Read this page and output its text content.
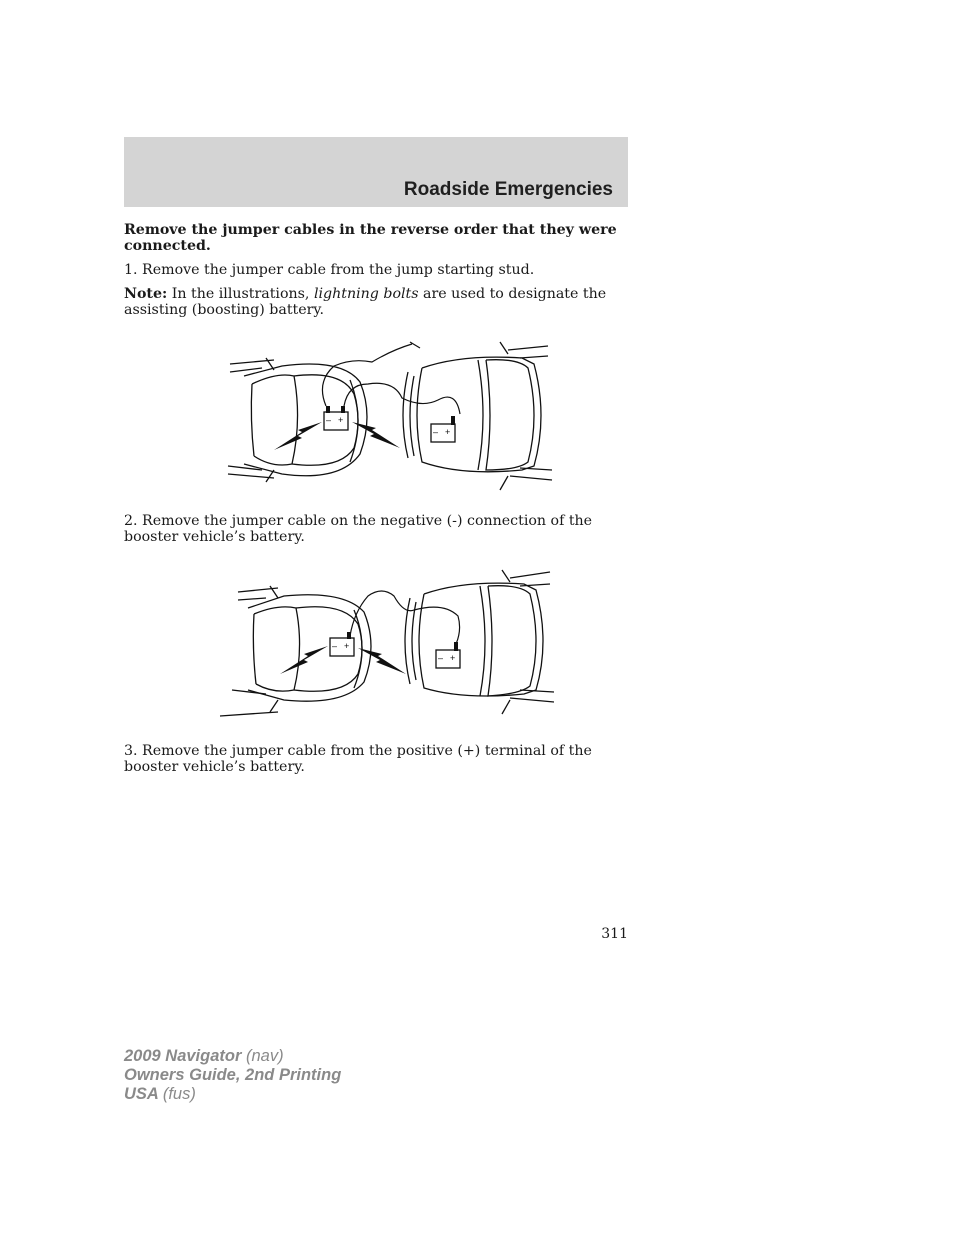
Roadside Emergencies

Remove the jumper cables in the reverse order that they were connected.

1. Remove the jumper cable from the jump starting stud.

Note: In the illustrations, lightning bolts are used to designate the assisting (boosting) battery.

– +
– +

2. Remove the jumper cable on the negative (-) connection of the booster vehicle’s battery.

– +
– +

3. Remove the jumper cable from the positive (+) terminal of the booster vehicle’s battery.

311
2009 Navigator (nav)
Owners Guide, 2nd Printing
USA (fus)
